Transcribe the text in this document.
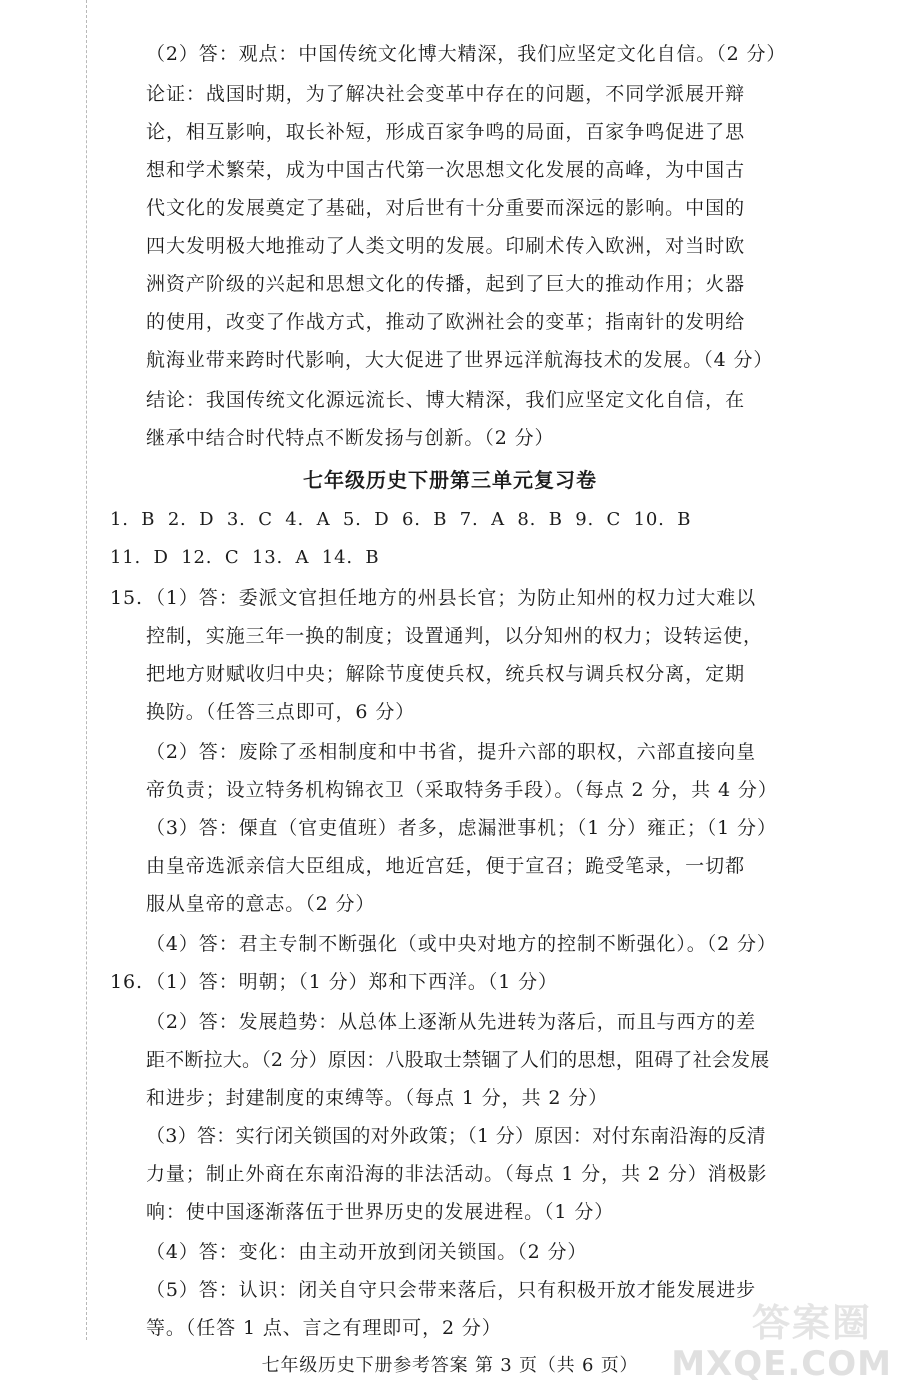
（2）答：观点：中国传统文化博大精深，我们应坚定文化自信。（2 分）
论证：战国时期，为了解决社会变革中存在的问题，不同学派展开辩
论，相互影响，取长补短，形成百家争鸣的局面，百家争鸣促进了思
想和学术繁荣，成为中国古代第一次思想文化发展的高峰，为中国古
代文化的发展奠定了基础，对后世有十分重要而深远的影响。中国的
四大发明极大地推动了人类文明的发展。印刷术传入欧洲，对当时欧
洲资产阶级的兴起和思想文化的传播，起到了巨大的推动作用；火器
的使用，改变了作战方式，推动了欧洲社会的变革；指南针的发明给
航海业带来跨时代影响，大大促进了世界远洋航海技术的发展。（4 分）
结论：我国传统文化源远流长、博大精深，我们应坚定文化自信，在
继承中结合时代特点不断发扬与创新。（2 分）
七年级历史下册第三单元复习卷
1. B 2. D 3. C 4. A 5. D 6. B 7. A 8. B 9. C 10. B
11. D 12. C 13. A 14. B
15. （1）答：委派文官担任地方的州县长官；为防止知州的权力过大难以
控制，实施三年一换的制度；设置通判，以分知州的权力；设转运使，
把地方财赋收归中央；解除节度使兵权，统兵权与调兵权分离，定期
换防。（任答三点即可，6 分）
（2）答：废除了丞相制度和中书省，提升六部的职权，六部直接向皇
帝负责；设立特务机构锦衣卫（采取特务手段）。（每点 2 分，共 4 分）
（3）答：傈直（官吏值班）者多，虑漏泄事机；（1 分）雍正；（1 分）
由皇帝选派亲信大臣组成，地近宫廷，便于宣召；跪受笔录，一切都
服从皇帝的意志。（2 分）
（4）答：君主专制不断强化（或中央对地方的控制不断强化）。（2 分）
16. （1）答：明朝；（1 分）郑和下西洋。（1 分）
（2）答：发展趋势：从总体上逐渐从先进转为落后，而且与西方的差
距不断拉大。（2 分）原因：八股取士禁锢了人们的思想，阻碍了社会发展
和进步；封建制度的束缚等。（每点 1 分，共 2 分）
（3）答：实行闭关锁国的对外政策；（1 分）原因：对付东南沿海的反清
力量；制止外商在东南沿海的非法活动。（每点 1 分，共 2 分）消极影
响：使中国逐渐落伍于世界历史的发展进程。（1 分）
（4）答：变化：由主动开放到闭关锁国。（2 分）
（5）答：认识：闭关自守只会带来落后，只有积极开放才能发展进步
等。（任答 1 点、言之有理即可，2 分）
七年级历史下册参考答案 第 3 页（共 6 页）
答案圈
MXQE.COM
